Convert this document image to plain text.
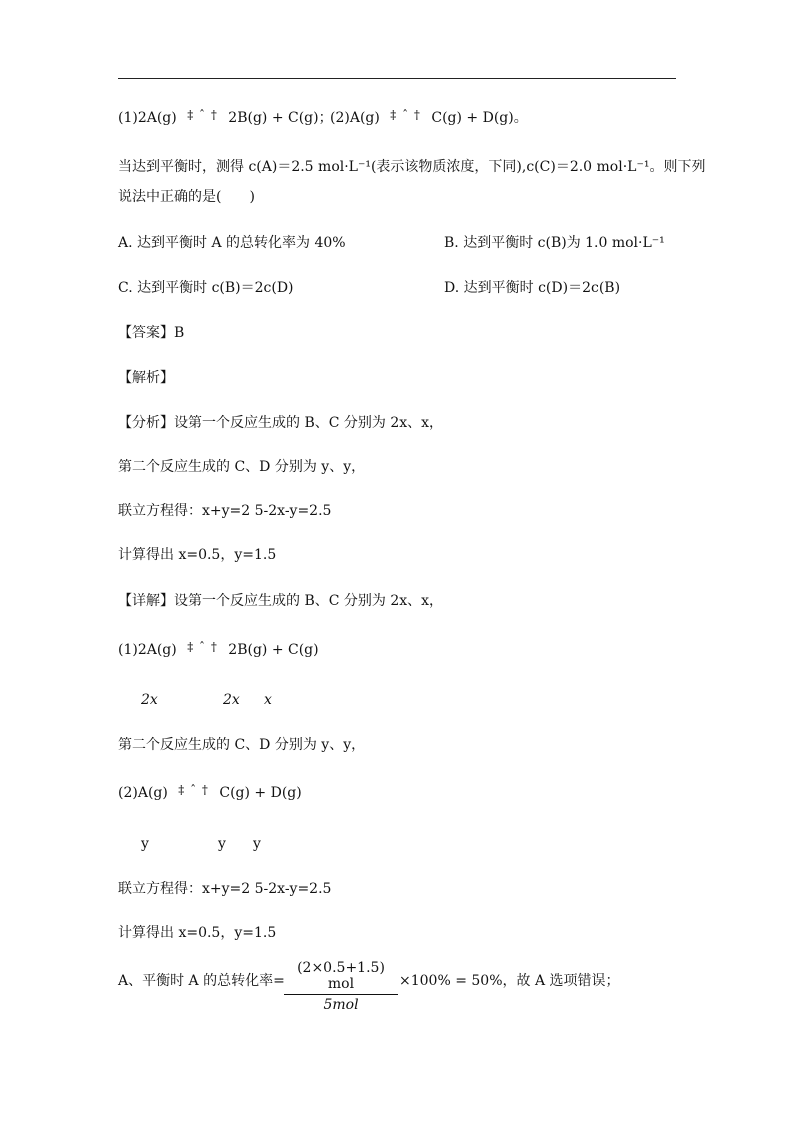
(1)2A(g) ‡ ˆ † 2B(g) + C(g)；
(2)A(g) ‡ ˆ † C(g) + D(g)。
当达到平衡时，测得 c(A)＝2.5 mol·L⁻¹(表示该物质浓度，下同),c(C)＝2.0 mol·L⁻¹。则下列
说法中正确的是(　　)
A. 达到平衡时 A 的总转化率为 40%	B. 达到平衡时 c(B)为 1.0 mol·L⁻¹
C. 达到平衡时 c(B)＝2c(D)	D. 达到平衡时 c(D)＝2c(B)
【答案】B
【解析】
【分析】设第一个反应生成的 B、C 分别为 2x、x，
第二个反应生成的 C、D 分别为 y、y，
联立方程得：x+y=2 5-2x-y=2.5
计算得出 x=0.5，y=1.5
【详解】设第一个反应生成的 B、C 分别为 2x、x，
(1)2A(g) ‡ ˆ † 2B(g) + C(g)
2x	2x x
第二个反应生成的 C、D 分别为 y、y，
(2)A(g) ‡ ˆ † C(g) + D(g)
y	y y
联立方程得：x+y=2 5-2x-y=2.5
计算得出 x=0.5，y=1.5
A、平衡时 A 的总转化率=
(2×0.5+1.5) mol
5mol
×100% = 50%，故 A 选项错误；
